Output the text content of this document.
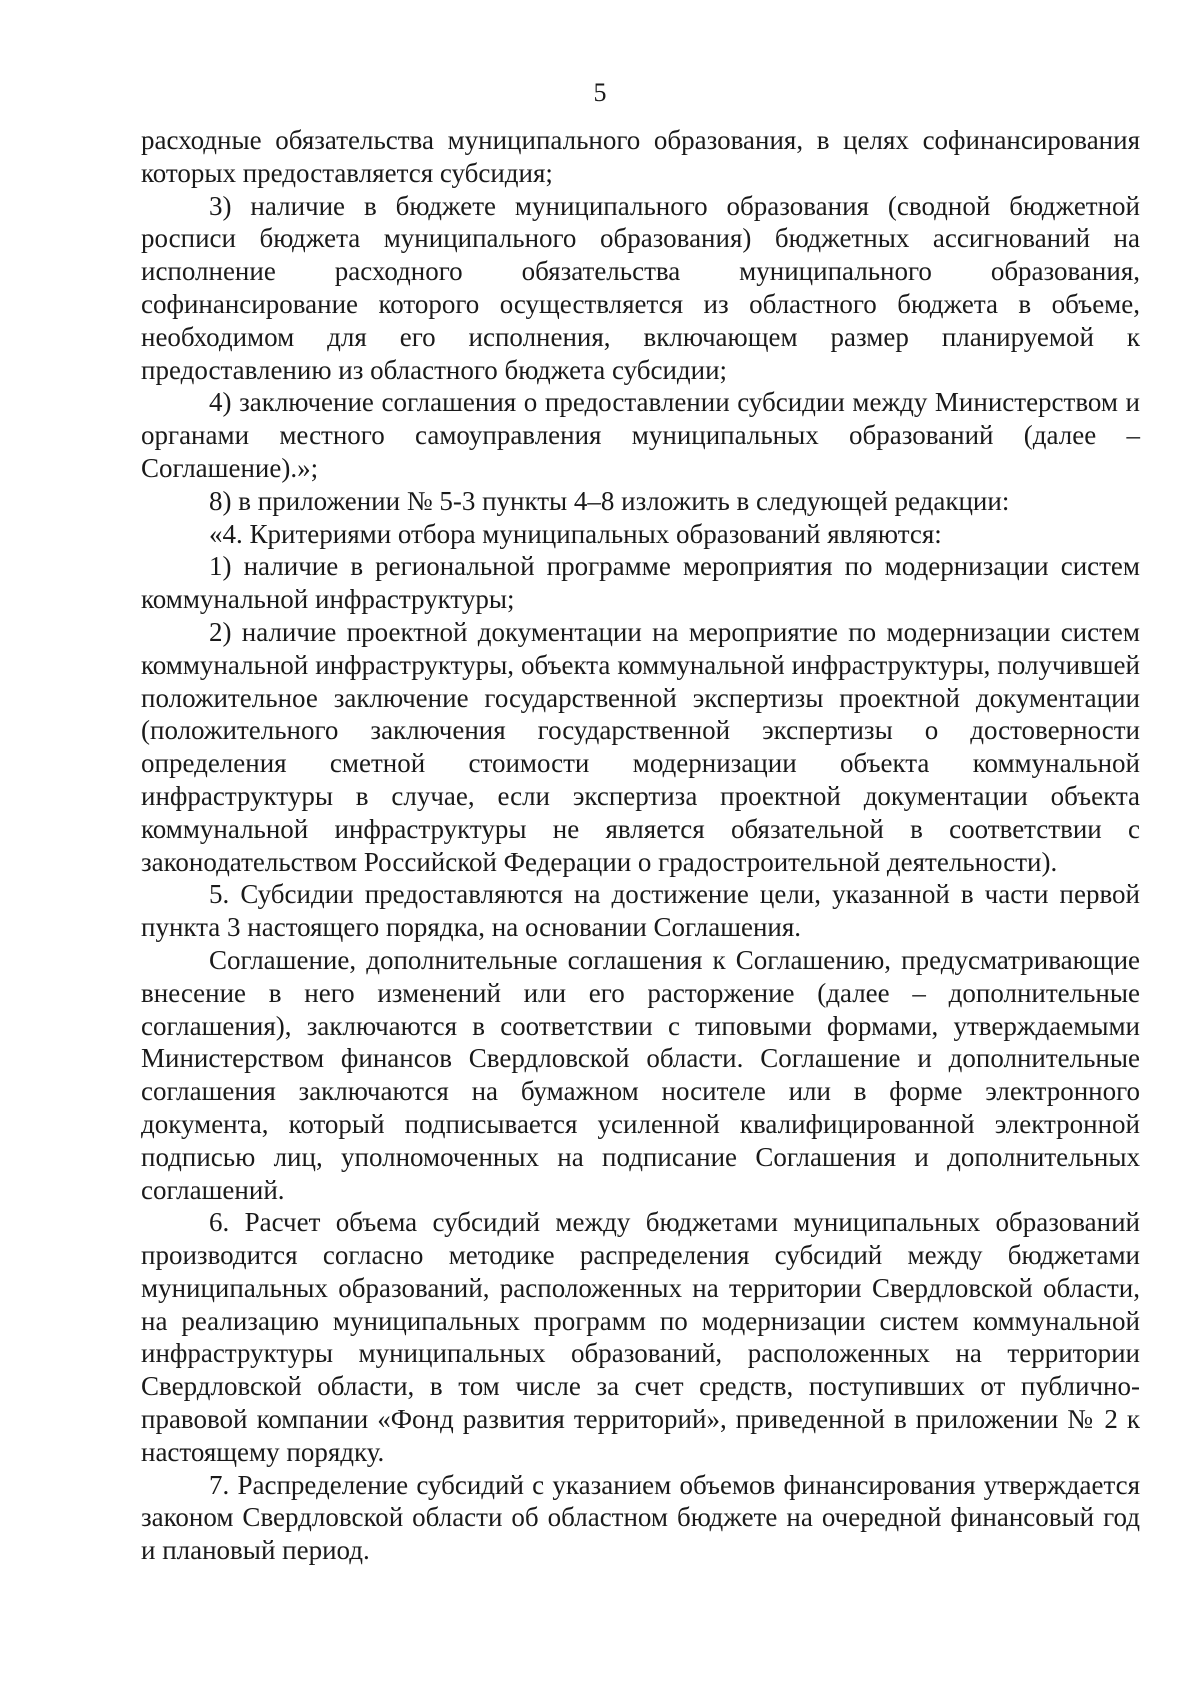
5

расходные обязательства муниципального образования, в целях софинансирования которых предоставляется субсидия;

3) наличие в бюджете муниципального образования (сводной бюджетной росписи бюджета муниципального образования) бюджетных ассигнований на исполнение расходного обязательства муниципального образования, софинансирование которого осуществляется из областного бюджета в объеме, необходимом для его исполнения, включающем размер планируемой к предоставлению из областного бюджета субсидии;

4) заключение соглашения о предоставлении субсидии между Министерством и органами местного самоуправления муниципальных образований (далее – Соглашение).»;

8) в приложении № 5-3 пункты 4–8 изложить в следующей редакции:

«4. Критериями отбора муниципальных образований являются:

1) наличие в региональной программе мероприятия по модернизации систем коммунальной инфраструктуры;

2) наличие проектной документации на мероприятие по модернизации систем коммунальной инфраструктуры, объекта коммунальной инфраструктуры, получившей положительное заключение государственной экспертизы проектной документации (положительного заключения государственной экспертизы о достоверности определения сметной стоимости модернизации объекта коммунальной инфраструктуры в случае, если экспертиза проектной документации объекта коммунальной инфраструктуры не является обязательной в соответствии с законодательством Российской Федерации о градостроительной деятельности).

5. Субсидии предоставляются на достижение цели, указанной в части первой пункта 3 настоящего порядка, на основании Соглашения.

Соглашение, дополнительные соглашения к Соглашению, предусматривающие внесение в него изменений или его расторжение (далее – дополнительные соглашения), заключаются в соответствии с типовыми формами, утверждаемыми Министерством финансов Свердловской области. Соглашение и дополнительные соглашения заключаются на бумажном носителе или в форме электронного документа, который подписывается усиленной квалифицированной электронной подписью лиц, уполномоченных на подписание Соглашения и дополнительных соглашений.

6. Расчет объема субсидий между бюджетами муниципальных образований производится согласно методике распределения субсидий между бюджетами муниципальных образований, расположенных на территории Свердловской области, на реализацию муниципальных программ по модернизации систем коммунальной инфраструктуры муниципальных образований, расположенных на территории Свердловской области, в том числе за счет средств, поступивших от публично-правовой компании «Фонд развития территорий», приведенной в приложении № 2 к настоящему порядку.

7. Распределение субсидий с указанием объемов финансирования утверждается законом Свердловской области об областном бюджете на очередной финансовый год и плановый период.
